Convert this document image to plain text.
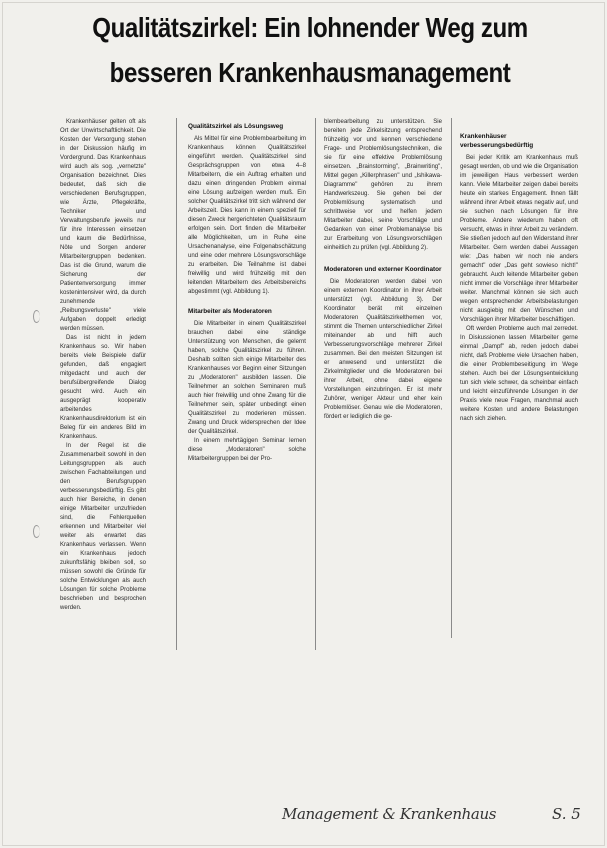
Qualitätszirkel: Ein lohnender Weg zum
besseren Krankenhausmanagement

Krankenhäuser gelten oft als Ort der Unwirtschaftlichkeit. Die Kosten der Versorgung stehen in der Diskussion häufig im Vordergrund. Das Krankenhaus wird auch als sog. „vernetzte" Organisation bezeichnet. Dies bedeutet, daß sich die verschiedenen Berufsgruppen, wie Ärzte, Pflegekräfte, Techniker und Verwaltungsberufe jeweils nur für ihre Interessen einsetzen und kaum die Bedürfnisse, Nöte und Sorgen anderer Mitarbeitergruppen bedenken. Das ist die Grund, warum die Sicherung der Patientenversorgung immer kostenintensiver wird, da durch zunehmende „Reibungsverluste" viele Aufgaben doppelt erledigt werden müssen.

Das ist nicht in jedem Krankenhaus so. Wir haben bereits viele Beispiele dafür gefunden, daß engagiert mitgedacht und auch der berufsübergreifende Dialog gesucht wird. Auch ein ausgeprägt kooperativ arbeitendes Krankenhausdirektorium ist ein Beleg für ein anderes Bild im Krankenhaus.

In der Regel ist die Zusammenarbeit sowohl in den Leitungsgruppen als auch zwischen Fachabteilungen und den Berufsgruppen verbesserungsbedürftig. Es gibt auch hier Bereiche, in denen einige Mitarbeiter unzufrieden sind, die Fehlerquellen erkennen und Mitarbeiter viel weiter als erwartet das Krankenhaus verlassen. Wenn ein Krankenhaus jedoch zukunftsfähig bleiben soll, so müssen sowohl die Gründe für solche Entwicklungen als auch Lösungen für solche Probleme beschrieben und besprochen werden.

Qualitätszirkel als Lösungsweg

Als Mittel für eine Problembearbeitung im Krankenhaus können Qualitätszirkel eingeführt werden. Qualitätszirkel sind Gesprächsgruppen von etwa 4–8 Mitarbeitern, die ein Auftrag erhalten und dazu einen dringenden Problem einmal eine Lösung aufzeigen werden muß. Ein solcher Qualitätszirkel tritt sich während der Arbeitszeit. Dies kann in einem speziell für diesen Zweck hergerichteten Qualitätsraum erfolgen sein. Dort finden die Mitarbeiter alle Möglichkeiten, um in Ruhe eine Ursachenanalyse, eine Folgenabschätzung und eine oder mehrere Lösungsvorschläge zu erarbeiten. Die Teilnahme ist dabei freiwillig und wird frühzeitig mit den leitenden Mitarbeitern des Arbeitsbereichs abgestimmt (vgl. Abbildung 1).

Mitarbeiter als Moderatoren

Die Mitarbeiter in einem Qualitätszirkel brauchen dabei eine ständige Unterstützung von Menschen, die gelernt haben, solche Qualitätszirkel zu führen. Deshalb sollten sich einige Mitarbeiter des Krankenhauses vor Beginn einer Sitzungen zu „Moderatoren" ausbilden lassen. Die Teilnehmer an solchen Seminaren muß auch hier freiwillig und ohne Zwang für die Teilnehmer sein, später unbedingt einen Qualitätszirkel zu moderieren müssen. Zwang und Druck widersprechen der Idee der Qualitätszirkel.

In einem mehrtägigen Seminar lernen diese „Moderatoren" solche Mitarbeitergruppen bei der Pro-

blembearbeitung zu unterstützen. Sie bereiten jede Zirkelsitzung entsprechend frühzeitig vor und kennen verschiedene Frage- und Problemlösungstechniken, die sie für eine effektive Problemlösung einsetzen. „Brainstorming", „Brainwriting", Mittel gegen „Killerphrasen" und „Ishikawa-Diagramme" gehören zu ihrem Handwerkszeug. Sie gehen bei der Problemlösung systematisch und schrittweise vor und helfen jedem Mitarbeiter dabei, seine Vorschläge und Gedanken von einer Problemanalyse bis zur Erarbeitung von Lösungsvorschlägen einheitlich zu prüfen (vgl. Abbildung 2).

Moderatoren und externer Koordinator

Die Moderatoren werden dabei von einem externen Koordinator in ihrer Arbeit unterstützt (vgl. Abbildung 3). Der Koordinator berät mit einzelnen Moderatoren Qualitätszirkelthemen vor, stimmt die Themen unterschiedlicher Zirkel miteinander ab und hilft auch Verbesserungsvorschläge mehrerer Zirkel zusammen. Bei den meisten Sitzungen ist er anwesend und unterstützt die Zirkelmitglieder und die Moderatoren bei ihrer Arbeit, ohne dabei eigene Vorstellungen einzubringen. Er ist mehr Zuhörer, weniger Akteur und eher kein Problemlöser. Genau wie die Moderatoren, fördert er lediglich die ge-

Krankenhäuser verbesserungsbedürftig

Bei jeder Kritik am Krankenhaus muß gesagt werden, ob und wie die Organisation im jeweiligen Haus verbessert werden kann. Viele Mitarbeiter zeigen dabei bereits heute ein starkes Engagement. Ihnen fällt während ihrer Arbeit etwas negativ auf, und sie suchen nach Lösungen für ihre Probleme. Andere wiederum haben oft versucht, etwas in ihrer Arbeit zu verändern. Sie stießen jedoch auf den Widerstand ihrer Mitarbeiter. Gern werden dabei Aussagen wie: „Das haben wir noch nie anders gemacht" oder „Das geht sowieso nicht!" gebraucht. Auch leitende Mitarbeiter geben nicht immer die Vorschläge ihrer Mitarbeiter weiter. Manchmal können sie sich auch wegen entsprechender Arbeitsbelastungen nicht ausgiebig mit den Wünschen und Vorschlägen ihrer Mitarbeiter beschäftigen.

Oft werden Probleme auch mal zerredet. In Diskussionen lassen Mitarbeiter gerne einmal „Dampf" ab, reden jedoch dabei nicht, daß Probleme viele Ursachen haben, die einer Problembeseitigung im Wege stehen. Auch bei der Lösungsentwicklung tun sich viele schwer, da scheinbar einfach und leicht einzuführende Lösungen in der Praxis viele neue Fragen, manchmal auch weitere Kosten und andere Belastungen nach sich ziehen.

Management & Krankenhaus	S. 5
